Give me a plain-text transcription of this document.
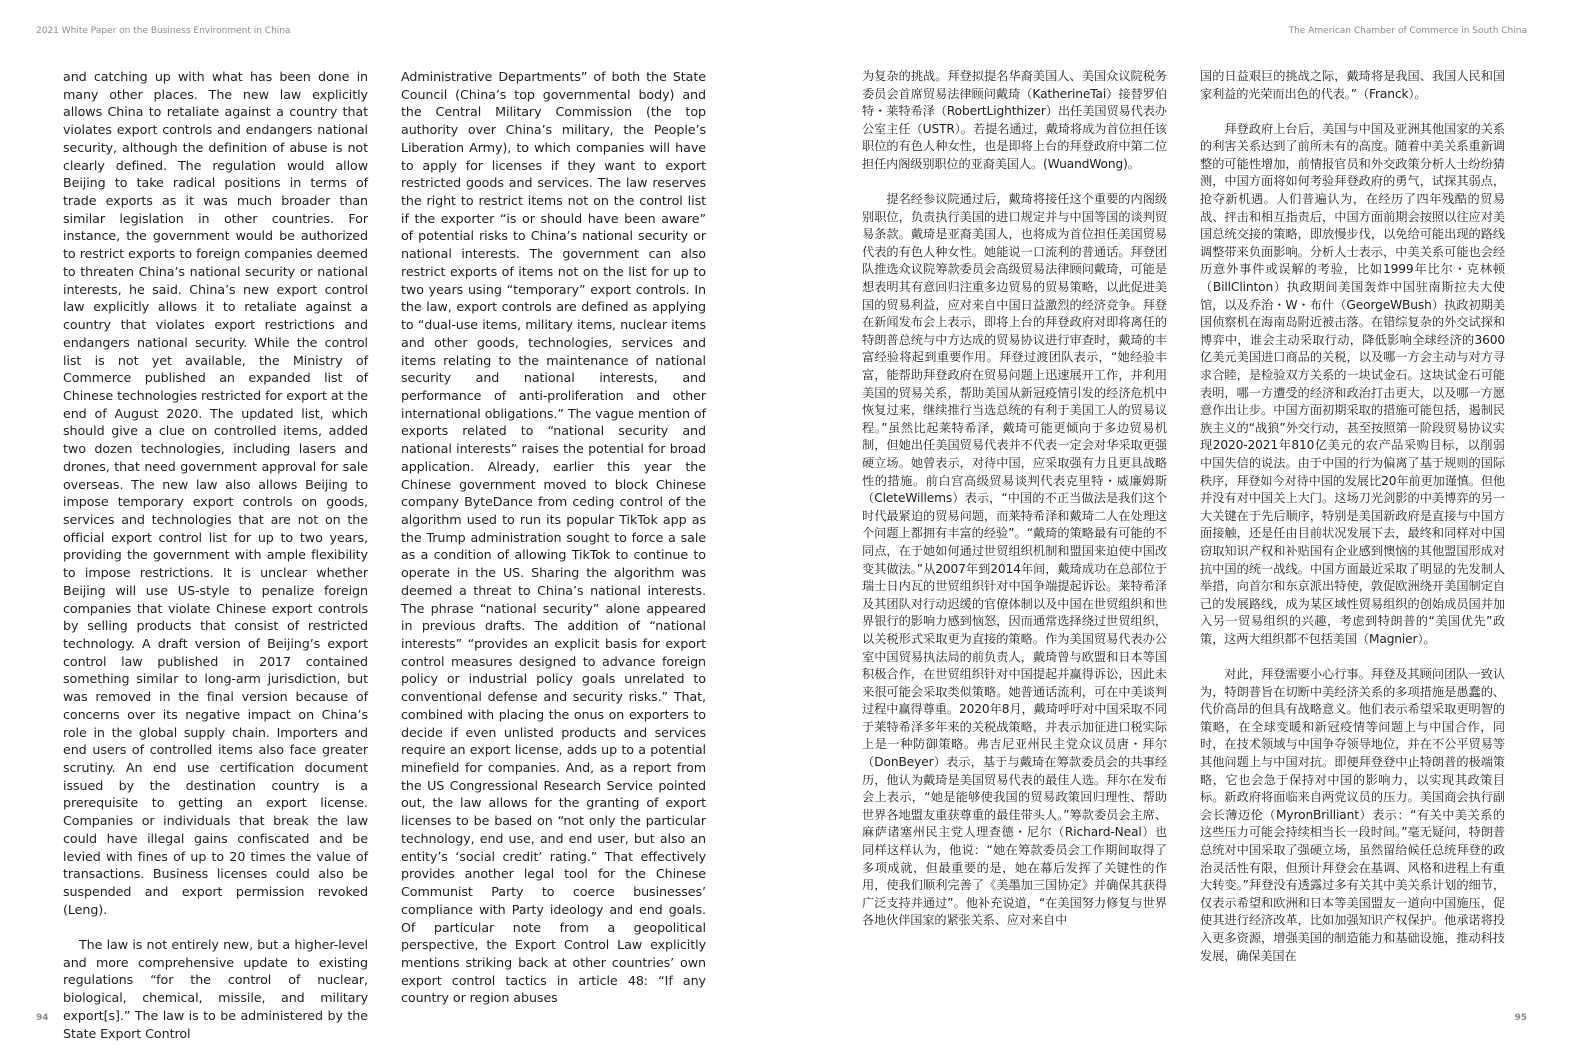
2021 White Paper on the Business Environment in China	The American Chamber of Commerce in South China

and catching up with what has been done in many other places. The new law explicitly allows China to retaliate against a country that violates export controls and endangers national security, although the definition of abuse is not clearly defined. The regulation would allow Beijing to take radical positions in terms of trade exports as it was much broader than similar legislation in other countries. For instance, the government would be authorized to restrict exports to foreign companies deemed to threaten China’s national security or national interests, he said. China’s new export control law explicitly allows it to retaliate against a country that violates export restrictions and endangers national security. While the control list is not yet available, the Ministry of Commerce published an expanded list of Chinese technologies restricted for export at the end of August 2020. The updated list, which should give a clue on controlled items, added two dozen technologies, including lasers and drones, that need government approval for sale overseas. The new law also allows Beijing to impose temporary export controls on goods, services and technologies that are not on the official export control list for up to two years, providing the government with ample flexibility to impose restrictions. It is unclear whether Beijing will use US-style to penalize foreign companies that violate Chinese export controls by selling products that consist of restricted technology. A draft version of Beijing’s export control law published in 2017 contained something similar to long-arm jurisdiction, but was removed in the final version because of concerns over its negative impact on China’s role in the global supply chain. Importers and end users of controlled items also face greater scrutiny. An end use certification document issued by the destination country is a prerequisite to getting an export license. Companies or individuals that break the law could have illegal gains confiscated and be levied with fines of up to 20 times the value of transactions. Business licenses could also be suspended and export permission revoked (Leng).

The law is not entirely new, but a higher-level and more comprehensive update to existing regulations “for the control of nuclear, biological, chemical, missile, and military export[s].” The law is to be administered by the State Export Control

Administrative Departments” of both the State Council (China’s top governmental body) and the Central Military Commission (the top authority over China’s military, the People’s Liberation Army), to which companies will have to apply for licenses if they want to export restricted goods and services. The law reserves the right to restrict items not on the control list if the exporter “is or should have been aware” of potential risks to China’s national security or national interests. The government can also restrict exports of items not on the list for up to two years using “temporary” export controls. In the law, export controls are defined as applying to “dual-use items, military items, nuclear items and other goods, technologies, services and items relating to the maintenance of national security and national interests, and performance of anti-proliferation and other international obligations.” The vague mention of exports related to “national security and national interests” raises the potential for broad application. Already, earlier this year the Chinese government moved to block Chinese company ByteDance from ceding control of the algorithm used to run its popular TikTok app as the Trump administration sought to force a sale as a condition of allowing TikTok to continue to operate in the US. Sharing the algorithm was deemed a threat to China’s national interests. The phrase “national security” alone appeared in previous drafts. The addition of “national interests” “provides an explicit basis for export control measures designed to advance foreign policy or industrial policy goals unrelated to conventional defense and security risks.” That, combined with placing the onus on exporters to decide if even unlisted products and services require an export license, adds up to a potential minefield for companies. And, as a report from the US Congressional Research Service pointed out, the law allows for the granting of export licenses to be based on “not only the particular technology, end use, and end user, but also an entity’s ‘social credit’ rating.” That effectively provides another legal tool for the Chinese Communist Party to coerce businesses’ compliance with Party ideology and end goals. Of particular note from a geopolitical perspective, the Export Control Law explicitly mentions striking back at other countries’ own export control tactics in article 48: “If any country or region abuses

为复杂的挑战。拜登拟提名华裔美国人、美国众议院税务委员会首席贸易法律顾问戴琦（KatherineTai）接替罗伯特・莱特希泽（RobertLighthizer）出任美国贸易代表办公室主任（USTR）。若提名通过，戴琦将成为首位担任该职位的有色人种女性，也是即将上台的拜登政府中第二位担任内阁级别职位的亚裔美国人。(WuandWong)。

提名经参议院通过后，戴琦将接任这个重要的内阁级别职位，负责执行美国的进口规定并与中国等国的谈判贸易条款。戴琦是亚裔美国人，也将成为首位担任美国贸易代表的有色人种女性。她能说一口流利的普通话。拜登团队推选众议院筹款委员会高级贸易法律顾问戴琦，可能是想表明其有意回归注重多边贸易的贸易策略，以此促进美国的贸易利益，应对来自中国日益激烈的经济竞争。拜登在新闻发布会上表示，即将上台的拜登政府对即将离任的特朗普总统与中方达成的贸易协议进行审查时，戴琦的丰富经验将起到重要作用。拜登过渡团队表示，“她经验丰富，能帮助拜登政府在贸易问题上迅速展开工作，并利用美国的贸易关系，帮助美国从新冠疫情引发的经济危机中恢复过来，继续推行当选总统的有利于美国工人的贸易议程。”虽然比起莱特希泽，戴琦可能更倾向于多边贸易机制，但她出任美国贸易代表并不代表一定会对华采取更强硬立场。她曾表示，对待中国，应采取强有力且更具战略性的措施。前白宫高级贸易谈判代表克里特・威廉姆斯（CleteWillems）表示，“中国的不正当做法是我们这个时代最紧迫的贸易问题，而莱特希泽和戴琦二人在处理这个问题上都拥有丰富的经验”。“戴琦的策略最有可能的不同点，在于她如何通过世贸组织机制和盟国来迫使中国改变其做法。”从2007年到2014年间，戴琦成功在总部位于瑞士日内瓦的世贸组织针对中国争端提起诉讼。莱特希泽及其团队对行动迟缓的官僚体制以及中国在世贸组织和世界银行的影响力感到恼怒，因而通常选择绕过世贸组织，以关税形式采取更为直接的策略。作为美国贸易代表办公室中国贸易执法局的前负责人，戴琦曾与欧盟和日本等国积极合作，在世贸组织针对中国提起并赢得诉讼，因此未来很可能会采取类似策略。她普通话流利，可在中美谈判过程中赢得尊重。2020年8月，戴琦呼吁对中国采取不同于莱特希泽多年来的关税战策略，并表示加征进口税实际上是一种防御策略。弗吉尼亚州民主党众议员唐・拜尔（DonBeyer）表示，基于与戴琦在筹款委员会的共事经历，他认为戴琦是美国贸易代表的最佳人选。拜尔在发布会上表示，“她是能够使我国的贸易政策回归理性、帮助世界各地盟友重获尊重的最佳带头人。”筹款委员会主席、麻萨诸塞州民主党人理查德・尼尔（Richard-Neal）也同样这样认为，他说：“她在筹款委员会工作期间取得了多项成就，但最重要的是，她在幕后发挥了关键性的作用，使我们顺利完善了《美墨加三国协定》并确保其获得广泛支持并通过”。他补充说道，“在美国努力修复与世界各地伙伴国家的紧张关系、应对来自中

国的日益艰巨的挑战之际，戴琦将是我国、我国人民和国家利益的光荣而出色的代表。”（Franck）。

拜登政府上台后，美国与中国及亚洲其他国家的关系的利害关系达到了前所未有的高度。随着中美关系重新调整的可能性增加，前情报官员和外交政策分析人士纷纷猜测，中国方面将如何考验拜登政府的勇气，试探其弱点，抢夺新机遇。人们普遍认为，在经历了四年残酷的贸易战、抨击和相互指责后，中国方面前期会按照以往应对美国总统交接的策略，即放慢步伐，以免给可能出现的路线调整带来负面影响。分析人士表示，中美关系可能也会经历意外事件或误解的考验，比如1999年比尔・克林顿（BillClinton）执政期间美国轰炸中国驻南斯拉夫大使馆，以及乔治・W・布什（GeorgeWBush）执政初期美国侦察机在海南岛附近被击落。在错综复杂的外交试探和博弈中，谁会主动采取行动，降低影响全球经济的3600亿美元美国进口商品的关税，以及哪一方会主动与对方寻求合睦，是检验双方关系的一块试金石。这块试金石可能表明，哪一方遭受的经济和政治打击更大，以及哪一方愿意作出让步。中国方面初期采取的措施可能包括，遏制民族主义的“战狼”外交行动，甚至按照第一阶段贸易协议实现2020-2021年810亿美元的农产品采购目标，以削弱中国失信的说法。由于中国的行为偏离了基于规则的国际秩序，拜登如今对待中国的发展比20年前更加谨慎。但他并没有对中国关上大门。这场刀光剑影的中美博弈的另一大关键在于先后顺序，特别是美国新政府是直接与中国方面接触，还是任由目前状况发展下去，最终和同样对中国窃取知识产权和补贴国有企业感到懊恼的其他盟国形成对抗中国的统一战线。中国方面最近采取了明显的先发制人举措，向首尔和东京派出特使，敦促欧洲绕开美国制定自己的发展路线，成为某区域性贸易组织的创始成员国并加入另一贸易组织的兴趣，考虑到特朗普的“美国优先”政策，这两大组织都不包括美国（Magnier）。

对此，拜登需要小心行事。拜登及其顾问团队一致认为，特朗普旨在切断中美经济关系的多项措施是愚蠢的、代价高昂的但具有战略意义。他们表示希望采取更明智的策略，在全球变暖和新冠疫情等问题上与中国合作，同时，在技术领域与中国争夺领导地位，并在不公平贸易等其他问题上与中国对抗。即便拜登登中止特朗普的极端策略，它也会急于保持对中国的影响力，以实现其政策目标。新政府将面临来自两党议员的压力。美国商会执行副会长薄迈伦（MyronBrilliant）表示：“有关中美关系的这些压力可能会持续相当长一段时间。”毫无疑问，特朗普总统对中国采取了强硬立场，虽然留给候任总统拜登的政治灵活性有限，但预计拜登会在基调、风格和进程上有重大转变。”拜登没有透露过多有关其中美关系计划的细节，仅表示希望和欧洲和日本等美国盟友一道向中国施压，促使其进行经济改革，比如加强知识产权保护。他承诺将投入更多资源，增强美国的制造能力和基础设施，推动科技发展，确保美国在

94	95
